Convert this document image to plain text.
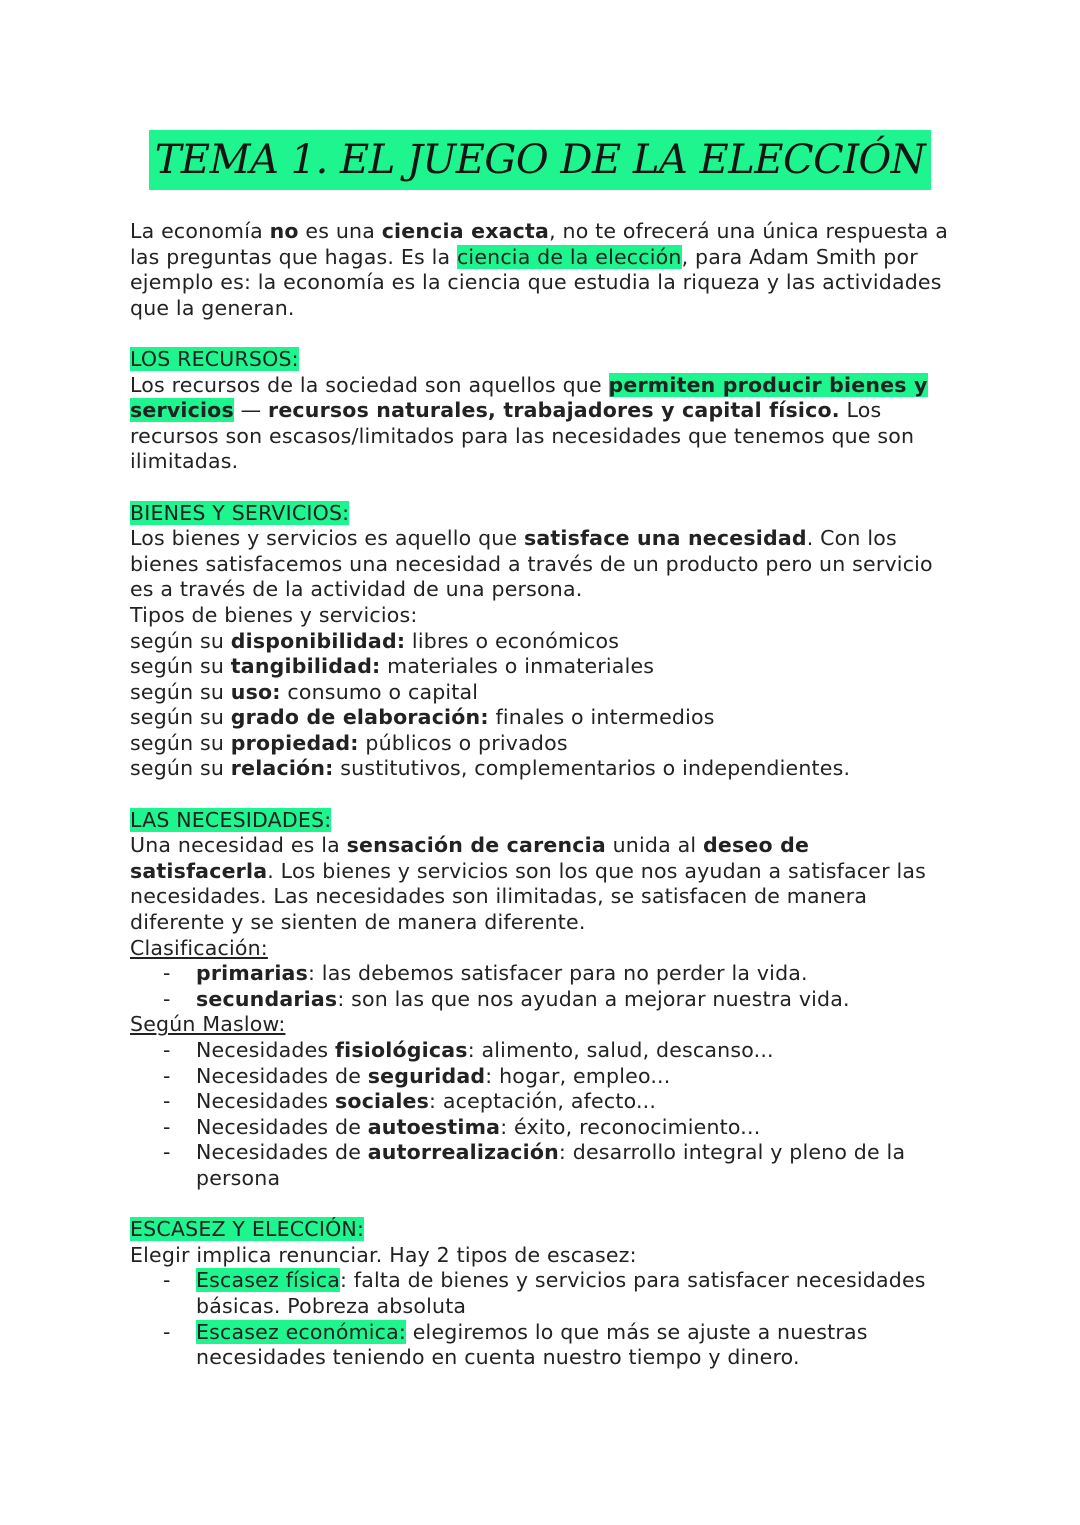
TEMA 1. EL JUEGO DE LA ELECCIÓN

La economía no es una ciencia exacta, no te ofrecerá una única respuesta a las preguntas que hagas. Es la ciencia de la elección, para Adam Smith por ejemplo es: la economía es la ciencia que estudia la riqueza y las actividades que la generan.

LOS RECURSOS:

Los recursos de la sociedad son aquellos que permiten producir bienes y servicios — recursos naturales, trabajadores y capital físico. Los recursos son escasos/limitados para las necesidades que tenemos que son ilimitadas.

BIENES Y SERVICIOS:

Los bienes y servicios es aquello que satisface una necesidad. Con los bienes satisfacemos una necesidad a través de un producto pero un servicio es a través de la actividad de una persona.

Tipos de bienes y servicios:

según su disponibilidad: libres o económicos

según su tangibilidad: materiales o inmateriales

según su uso: consumo o capital

según su grado de elaboración: finales o intermedios

según su propiedad: públicos o privados

según su relación: sustitutivos, complementarios o independientes.

LAS NECESIDADES:

Una necesidad es la sensación de carencia unida al deseo de satisfacerla. Los bienes y servicios son los que nos ayudan a satisfacer las necesidades. Las necesidades son ilimitadas, se satisfacen de manera diferente y se sienten de manera diferente.

Clasificación:

- primarias: las debemos satisfacer para no perder la vida.
- secundarias: son las que nos ayudan a mejorar nuestra vida.

Según Maslow:

- Necesidades fisiológicas: alimento, salud, descanso...
- Necesidades de seguridad: hogar, empleo...
- Necesidades sociales: aceptación, afecto...
- Necesidades de autoestima: éxito, reconocimiento...
- Necesidades de autorrealización: desarrollo integral y pleno de la persona

ESCASEZ Y ELECCIÓN:

Elegir implica renunciar. Hay 2 tipos de escasez:

- Escasez física: falta de bienes y servicios para satisfacer necesidades básicas. Pobreza absoluta
- Escasez económica: elegiremos lo que más se ajuste a nuestras necesidades teniendo en cuenta nuestro tiempo y dinero.
